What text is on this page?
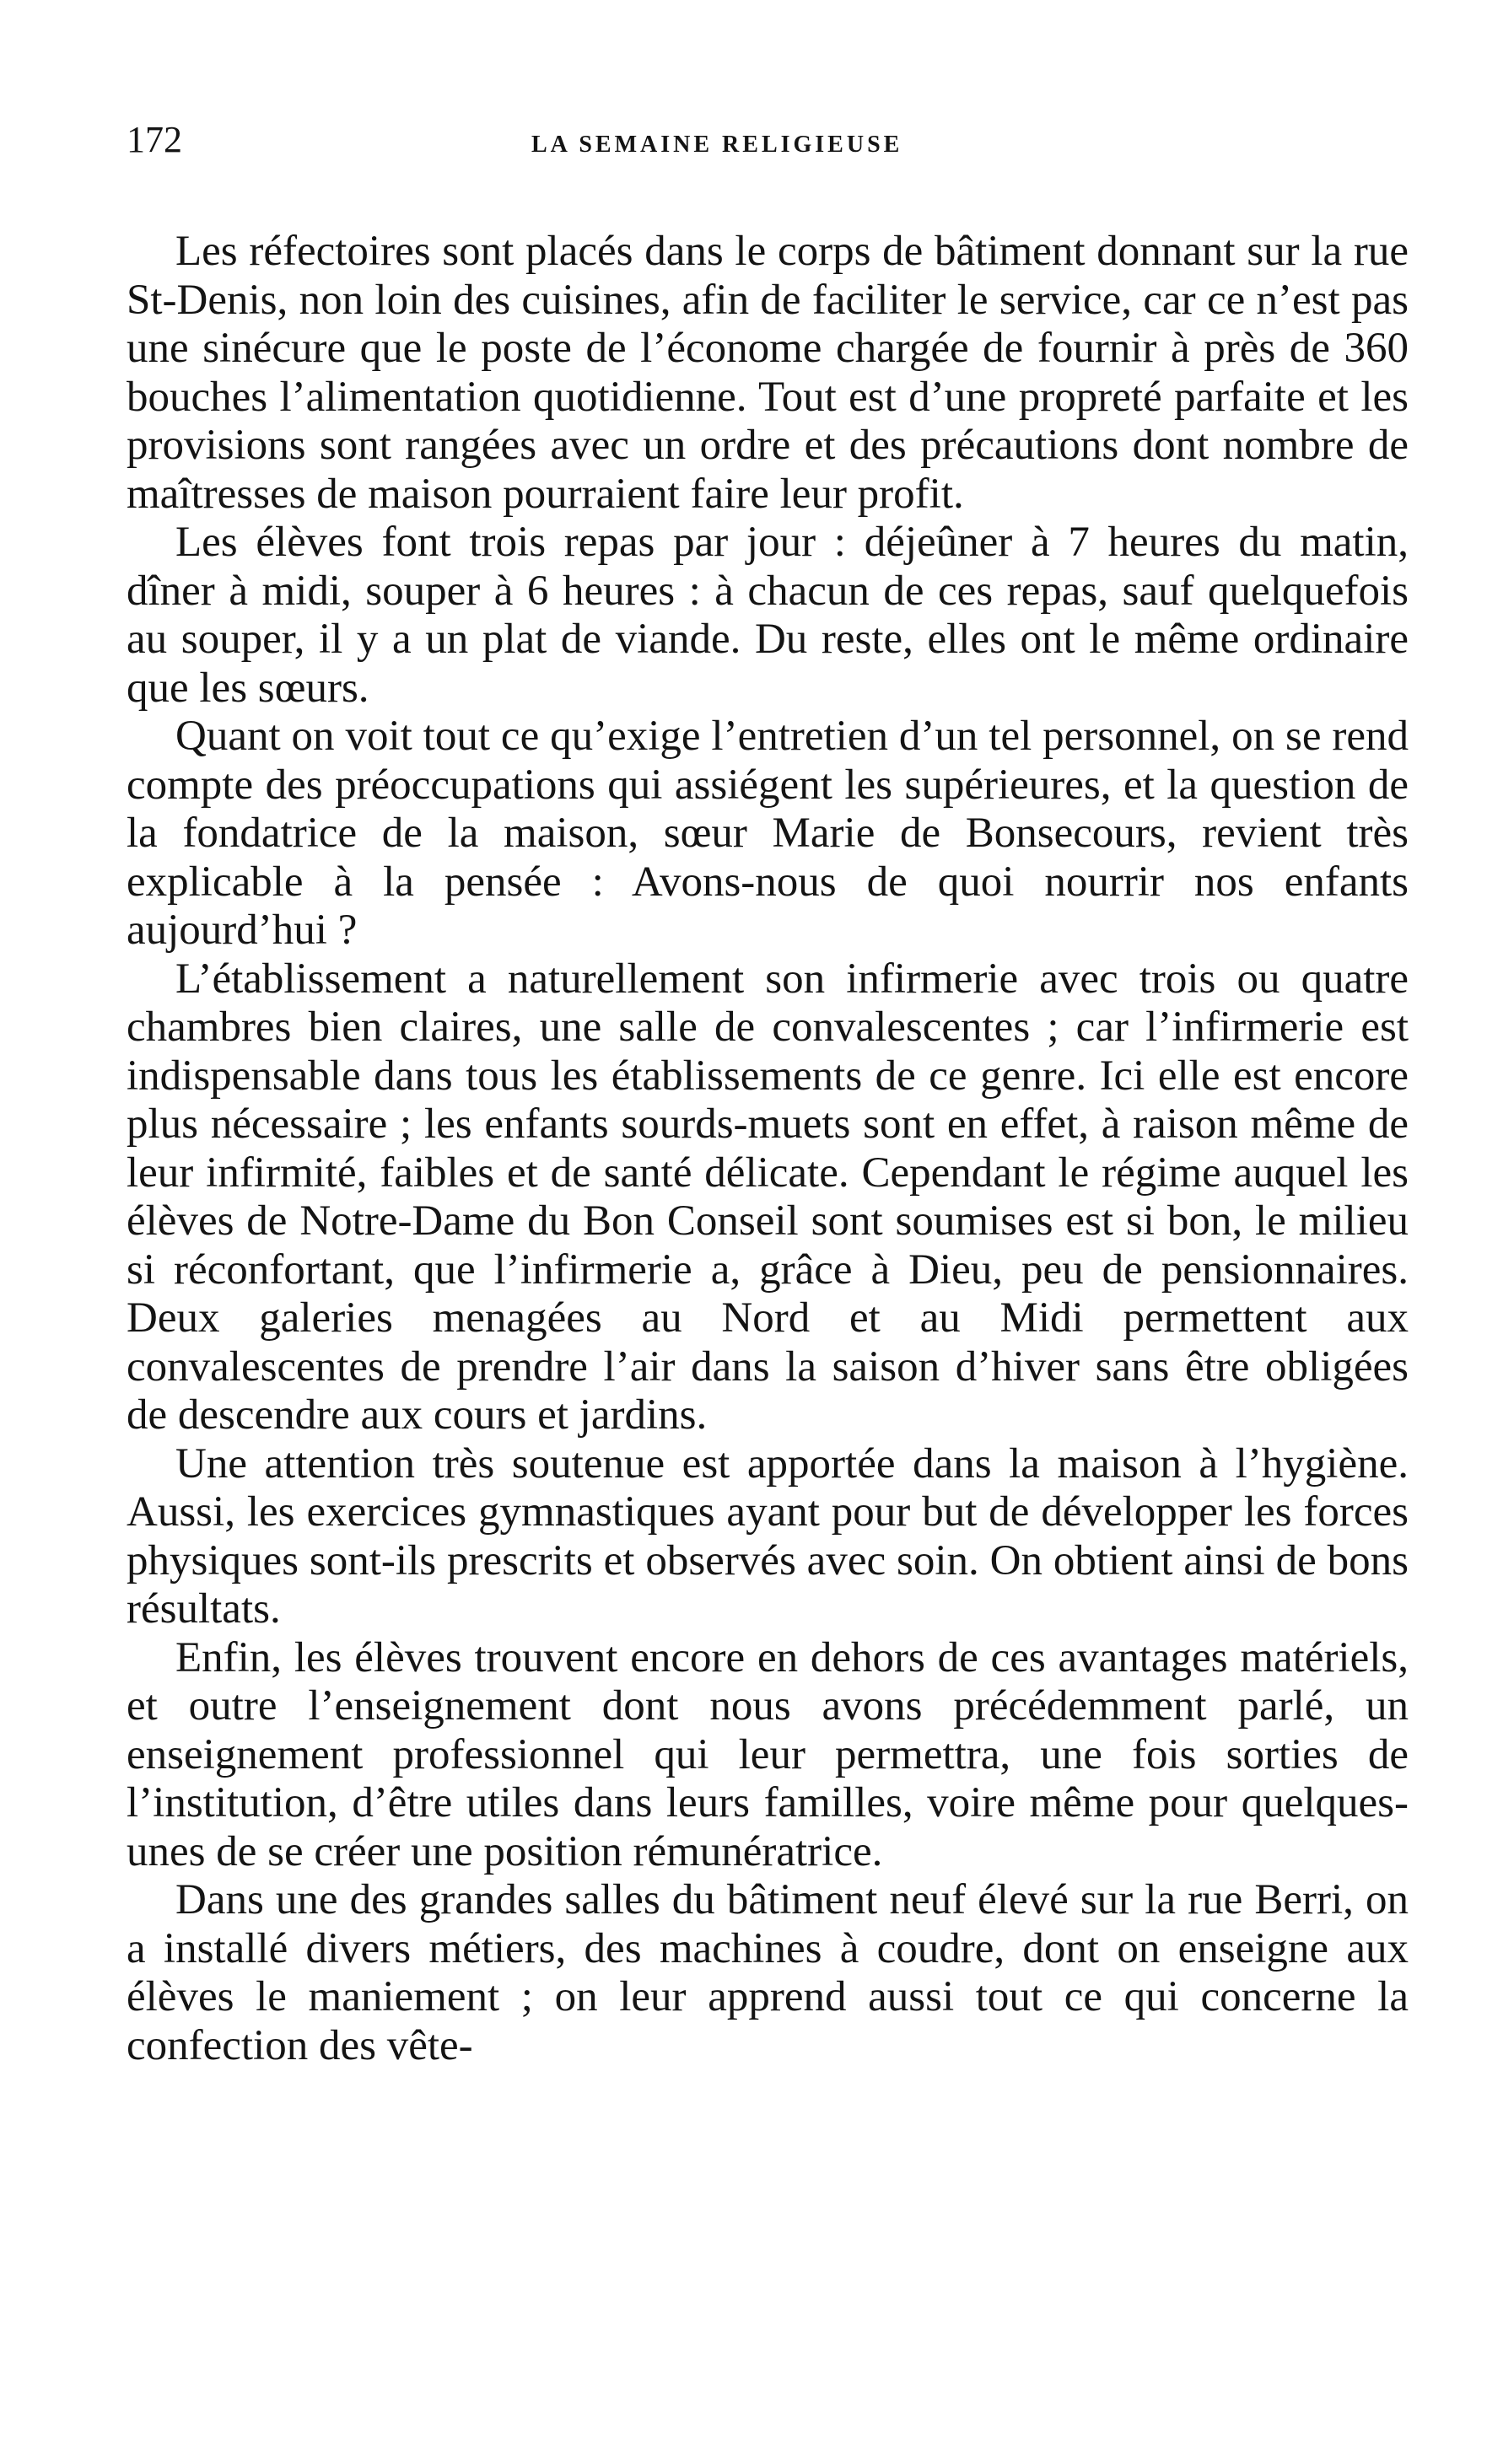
172	LA SEMAINE RELIGIEUSE

Les réfectoires sont placés dans le corps de bâtiment donnant sur la rue St-Denis, non loin des cuisines, afin de faciliter le service, car ce n’est pas une sinécure que le poste de l’économe chargée de fournir à près de 360 bouches l’alimentation quotidienne. Tout est d’une propreté parfaite et les provisions sont rangées avec un ordre et des précautions dont nombre de maîtresses de maison pourraient faire leur profit.

Les élèves font trois repas par jour : déjeûner à 7 heures du matin, dîner à midi, souper à 6 heures : à chacun de ces repas, sauf quelquefois au souper, il y a un plat de viande. Du reste, elles ont le même ordinaire que les sœurs.

Quant on voit tout ce qu’exige l’entretien d’un tel personnel, on se rend compte des préoccupations qui assiégent les supérieures, et la question de la fondatrice de la maison, sœur Marie de Bonsecours, revient très explicable à la pensée : Avons-nous de quoi nourrir nos enfants aujourd’hui ?

L’établissement a naturellement son infirmerie avec trois ou quatre chambres bien claires, une salle de convalescentes ; car l’infirmerie est indispensable dans tous les établissements de ce genre. Ici elle est encore plus nécessaire ; les enfants sourds-muets sont en effet, à raison même de leur infirmité, faibles et de santé délicate. Cependant le régime auquel les élèves de Notre-Dame du Bon Conseil sont soumises est si bon, le milieu si réconfortant, que l’infirmerie a, grâce à Dieu, peu de pensionnaires. Deux galeries menagées au Nord et au Midi permettent aux convalescentes de prendre l’air dans la saison d’hiver sans être obligées de descendre aux cours et jardins.

Une attention très soutenue est apportée dans la maison à l’hygiène. Aussi, les exercices gymnastiques ayant pour but de développer les forces physiques sont-ils prescrits et observés avec soin. On obtient ainsi de bons résultats.

Enfin, les élèves trouvent encore en dehors de ces avantages matériels, et outre l’enseignement dont nous avons précédemment parlé, un enseignement professionnel qui leur permettra, une fois sorties de l’institution, d’être utiles dans leurs familles, voire même pour quelques-unes de se créer une position rémunératrice.

Dans une des grandes salles du bâtiment neuf élevé sur la rue Berri, on a installé divers métiers, des machines à coudre, dont on enseigne aux élèves le maniement ; on leur apprend aussi tout ce qui concerne la confection des vête-
